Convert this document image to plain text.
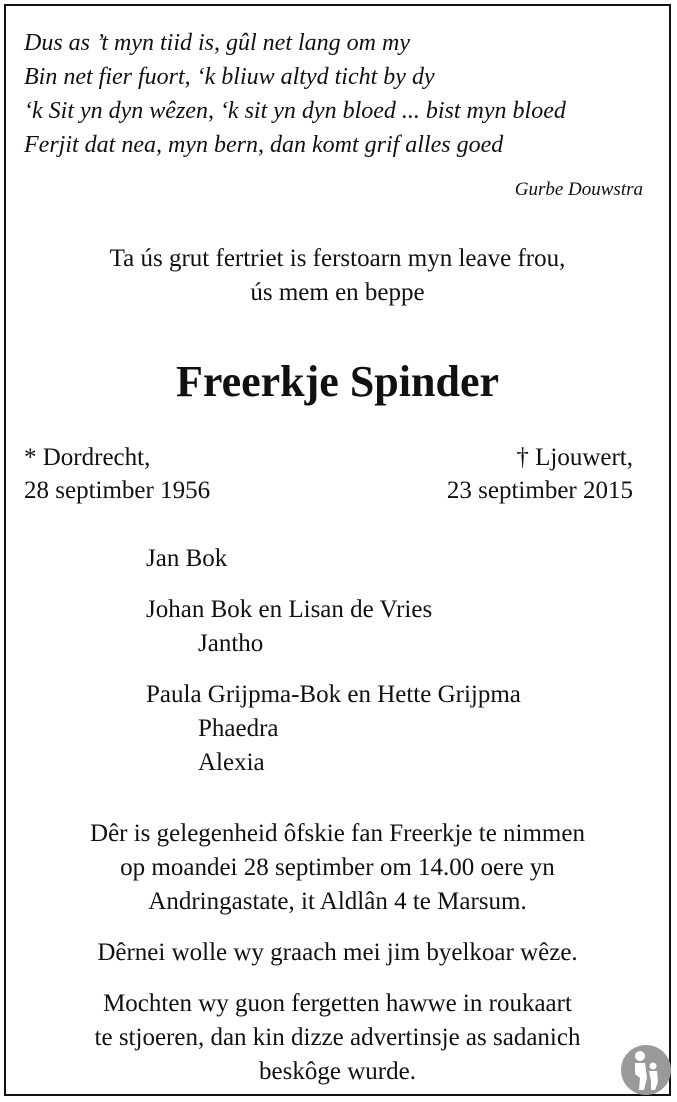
Dus as ’t myn tiid is, gûl net lang om my
Bin net fier fuort, ‘k bliuw altyd ticht by dy
‘k Sit yn dyn wêzen, ‘k sit yn dyn bloed ... bist myn bloed
Ferjit dat nea, myn bern, dan komt grif alles goed
Gurbe Douwstra
Ta ús grut fertriet is ferstoarn myn leave frou,
ús mem en beppe
Freerkje Spinder
* Dordrecht,
28 septimber 1956
† Ljouwert,
23 septimber 2015
Jan Bok
Johan Bok en Lisan de Vries
Jantho
Paula Grijpma-Bok en Hette Grijpma
Phaedra
Alexia
Dêr is gelegenheid ôfskie fan Freerkje te nimmen
op moandei 28 septimber om 14.00 oere yn
Andringastate, it Aldlân 4 te Marsum.
Dêrnei wolle wy graach mei jim byelkoar wêze.
Mochten wy guon fergetten hawwe in roukaart
te stjoeren, dan kin dizze advertinsje as sadanich
beskôge wurde.
